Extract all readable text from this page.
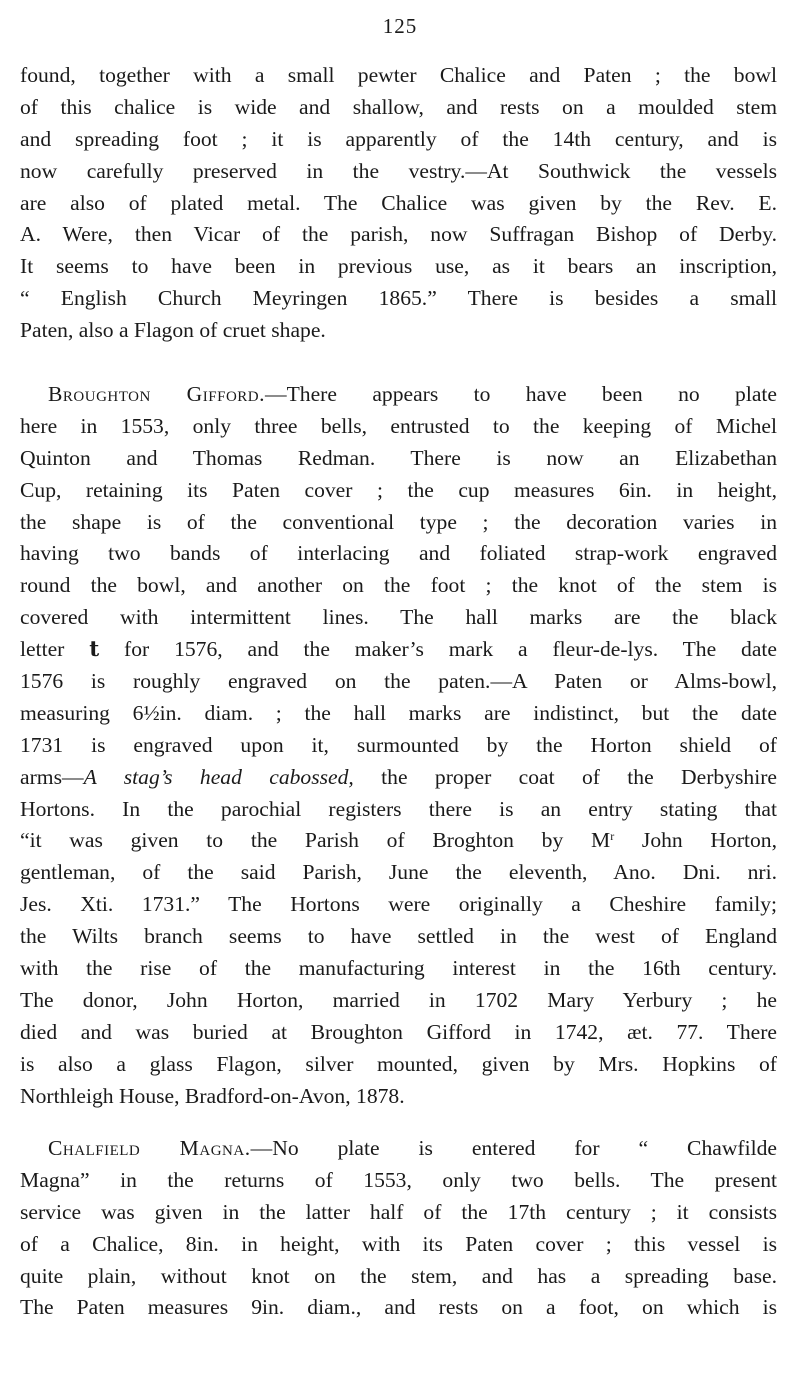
125
found, together with a small pewter Chalice and Paten ; the bowl
of this chalice is wide and shallow, and rests on a moulded stem
and spreading foot ; it is apparently of the 14th century, and is
now carefully preserved in the vestry.—At Southwick the vessels
are also of plated metal. The Chalice was given by the Rev. E.
A. Were, then Vicar of the parish, now Suffragan Bishop of Derby.
It seems to have been in previous use, as it bears an inscription,
“ English Church Meyringen 1865.” There is besides a small
Paten, also a Flagon of cruet shape.
Broughton Gifford.—There appears to have been no plate
here in 1553, only three bells, entrusted to the keeping of Michel
Quinton and Thomas Redman. There is now an Elizabethan
Cup, retaining its Paten cover ; the cup measures 6in. in height,
the shape is of the conventional type ; the decoration varies in
having two bands of interlacing and foliated strap-work engraved
round the bowl, and another on the foot ; the knot of the stem is
covered with intermittent lines. The hall marks are the black
letter t for 1576, and the maker’s mark a fleur-de-lys. The date
1576 is roughly engraved on the paten.—A Paten or Alms-bowl,
measuring 6½in. diam. ; the hall marks are indistinct, but the date
1731 is engraved upon it, surmounted by the Horton shield of
arms—A stag’s head cabossed, the proper coat of the Derbyshire
Hortons. In the parochial registers there is an entry stating that
“it was given to the Parish of Broghton by $M^r$ John Horton,
gentleman, of the said Parish, June the eleventh, Ano. Dni. nri.
Jes. Xti. 1731.” The Hortons were originally a Cheshire family;
the Wilts branch seems to have settled in the west of England
with the rise of the manufacturing interest in the 16th century.
The donor, John Horton, married in 1702 Mary Yerbury ; he
died and was buried at Broughton Gifford in 1742, æt. 77. There
is also a glass Flagon, silver mounted, given by Mrs. Hopkins of
Northleigh House, Bradford-on-Avon, 1878.
Chalfield Magna.—No plate is entered for “ Chawfilde
Magna” in the returns of 1553, only two bells. The present
service was given in the latter half of the 17th century ; it consists
of a Chalice, 8in. in height, with its Paten cover ; this vessel is
quite plain, without knot on the stem, and has a spreading base.
The Paten measures 9in. diam., and rests on a foot, on which is
